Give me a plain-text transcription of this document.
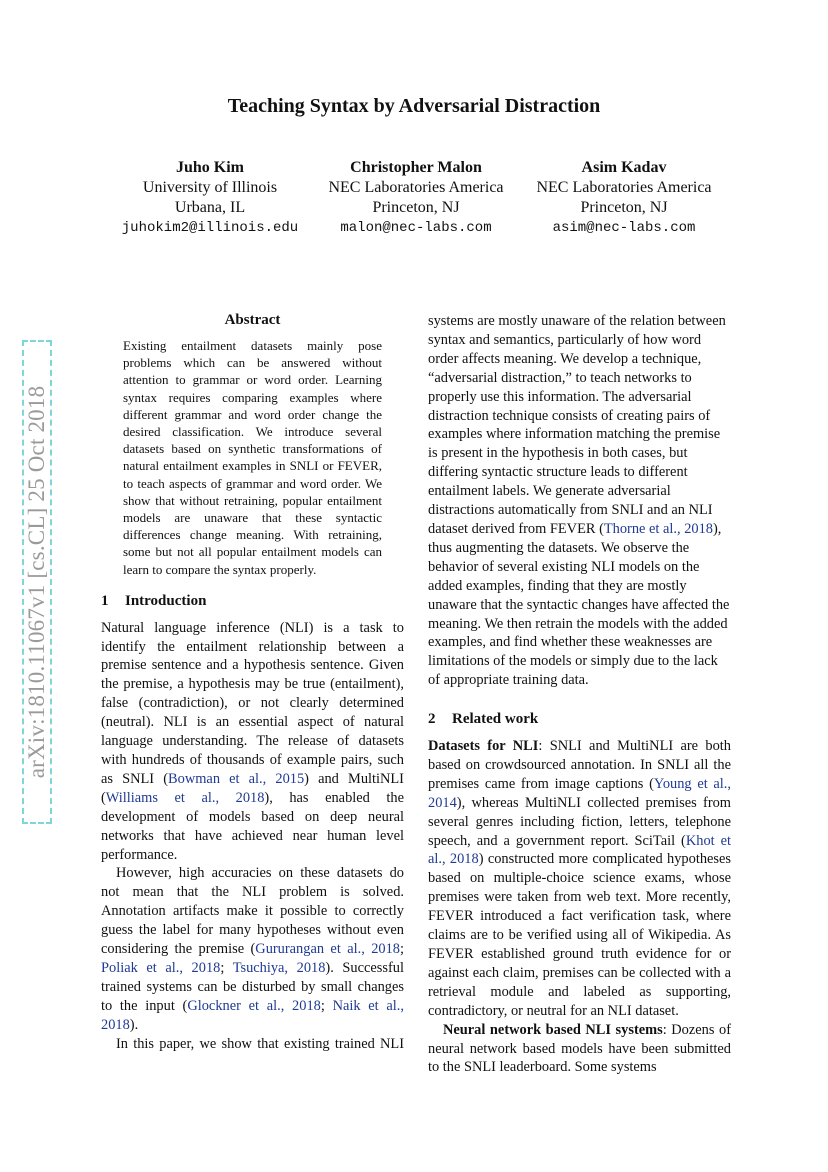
arXiv:1810.11067v1 [cs.CL] 25 Oct 2018
Teaching Syntax by Adversarial Distraction
Juho Kim
University of Illinois
Urbana, IL
juhokim2@illinois.edu
Christopher Malon
NEC Laboratories America
Princeton, NJ
malon@nec-labs.com
Asim Kadav
NEC Laboratories America
Princeton, NJ
asim@nec-labs.com
Abstract
Existing entailment datasets mainly pose problems which can be answered without attention to grammar or word order. Learning syntax requires comparing examples where different grammar and word order change the desired classification. We introduce several datasets based on synthetic transformations of natural entailment examples in SNLI or FEVER, to teach aspects of grammar and word order. We show that without retraining, popular entailment models are unaware that these syntactic differences change meaning. With retraining, some but not all popular entailment models can learn to compare the syntax properly.
1 Introduction

Natural language inference (NLI) is a task to identify the entailment relationship between a premise sentence and a hypothesis sentence. Given the premise, a hypothesis may be true (entailment), false (contradiction), or not clearly determined (neutral). NLI is an essential aspect of natural language understanding. The release of datasets with hundreds of thousands of example pairs, such as SNLI (Bowman et al., 2015) and MultiNLI (Williams et al., 2018), has enabled the development of models based on deep neural networks that have achieved near human level performance.

However, high accuracies on these datasets do not mean that the NLI problem is solved. Annotation artifacts make it possible to correctly guess the label for many hypotheses without even considering the premise (Gururangan et al., 2018; Poliak et al., 2018; Tsuchiya, 2018). Successful trained systems can be disturbed by small changes to the input (Glockner et al., 2018; Naik et al., 2018).

In this paper, we show that existing trained NLI

systems are mostly unaware of the relation between syntax and semantics, particularly of how word order affects meaning. We develop a technique, “adversarial distraction,” to teach networks to properly use this information. The adversarial distraction technique consists of creating pairs of examples where information matching the premise is present in the hypothesis in both cases, but differing syntactic structure leads to different entailment labels. We generate adversarial distractions automatically from SNLI and an NLI dataset derived from FEVER (Thorne et al., 2018), thus augmenting the datasets. We observe the behavior of several existing NLI models on the added examples, finding that they are mostly unaware that the syntactic changes have affected the meaning. We then retrain the models with the added examples, and find whether these weaknesses are limitations of the models or simply due to the lack of appropriate training data.
2 Related work

Datasets for NLI: SNLI and MultiNLI are both based on crowdsourced annotation. In SNLI all the premises came from image captions (Young et al., 2014), whereas MultiNLI collected premises from several genres including fiction, letters, telephone speech, and a government report. SciTail (Khot et al., 2018) constructed more complicated hypotheses based on multiple-choice science exams, whose premises were taken from web text. More recently, FEVER introduced a fact verification task, where claims are to be verified using all of Wikipedia. As FEVER established ground truth evidence for or against each claim, premises can be collected with a retrieval module and labeled as supporting, contradictory, or neutral for an NLI dataset.

Neural network based NLI systems: Dozens of neural network based models have been submitted to the SNLI leaderboard. Some systems
